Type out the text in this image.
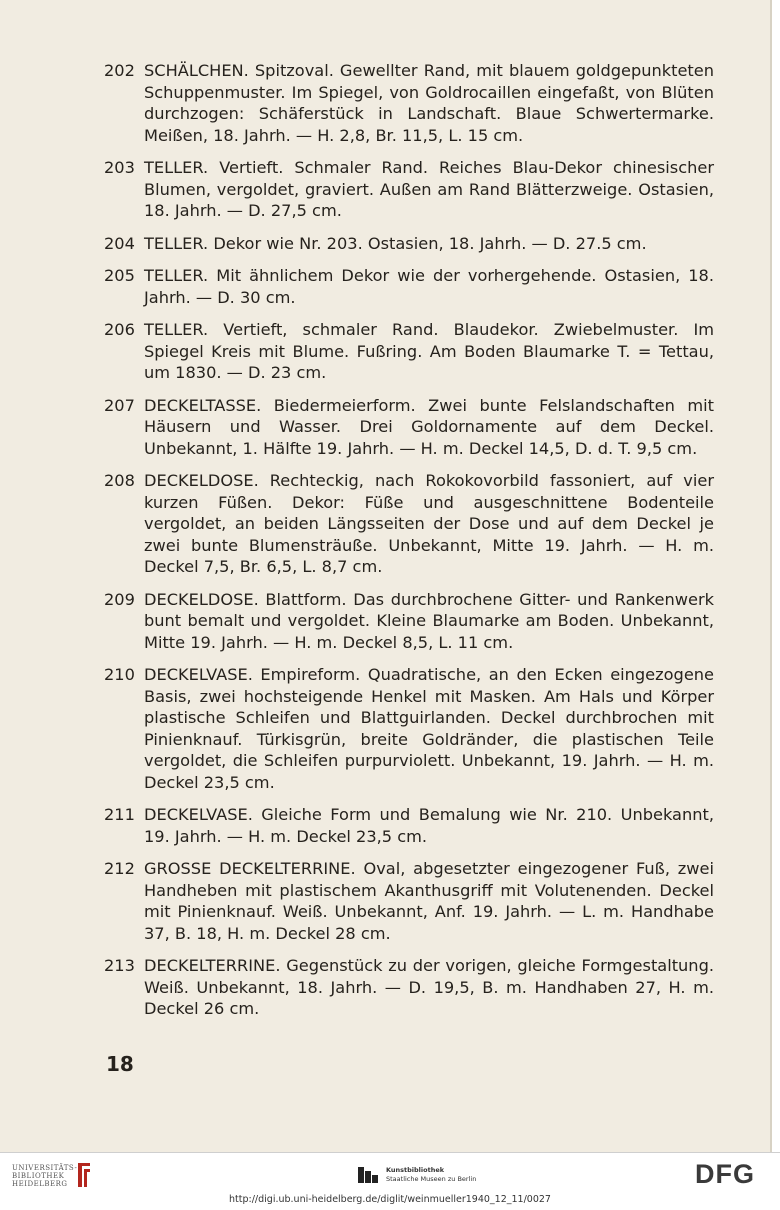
202 SCHÄLCHEN. Spitzoval. Gewellter Rand, mit blauem goldgepunkteten Schuppenmuster. Im Spiegel, von Goldrocaillen eingefaßt, von Blüten durchzogen: Schäferstück in Landschaft. Blaue Schwertermarke. Meißen, 18. Jahrh. — H. 2,8, Br. 11,5, L. 15 cm.
203 TELLER. Vertieft. Schmaler Rand. Reiches Blau-Dekor chinesischer Blumen, vergoldet, graviert. Außen am Rand Blätterzweige. Ostasien, 18. Jahrh. — D. 27,5 cm.
204 TELLER. Dekor wie Nr. 203. Ostasien, 18. Jahrh. — D. 27.5 cm.
205 TELLER. Mit ähnlichem Dekor wie der vorhergehende. Ostasien, 18. Jahrh. — D. 30 cm.
206 TELLER. Vertieft, schmaler Rand. Blaudekor. Zwiebelmuster. Im Spiegel Kreis mit Blume. Fußring. Am Boden Blaumarke T. = Tettau, um 1830. — D. 23 cm.
207 DECKELTASSE. Biedermeierform. Zwei bunte Felslandschaften mit Häusern und Wasser. Drei Goldornamente auf dem Deckel. Unbekannt, 1. Hälfte 19. Jahrh. — H. m. Deckel 14,5, D. d. T. 9,5 cm.
208 DECKELDOSE. Rechteckig, nach Rokokovorbild fassoniert, auf vier kurzen Füßen. Dekor: Füße und ausgeschnittene Bodenteile vergoldet, an beiden Längsseiten der Dose und auf dem Deckel je zwei bunte Blumensträuße. Unbekannt, Mitte 19. Jahrh. — H. m. Deckel 7,5, Br. 6,5, L. 8,7 cm.
209 DECKELDOSE. Blattform. Das durchbrochene Gitter- und Rankenwerk bunt bemalt und vergoldet. Kleine Blaumarke am Boden. Unbekannt, Mitte 19. Jahrh. — H. m. Deckel 8,5, L. 11 cm.
210 DECKELVASE. Empireform. Quadratische, an den Ecken eingezogene Basis, zwei hochsteigende Henkel mit Masken. Am Hals und Körper plastische Schleifen und Blattguirlanden. Deckel durchbrochen mit Pinienknauf. Türkisgrün, breite Goldränder, die plastischen Teile vergoldet, die Schleifen purpurviolett. Unbekannt, 19. Jahrh. — H. m. Deckel 23,5 cm.
211 DECKELVASE. Gleiche Form und Bemalung wie Nr. 210. Unbekannt, 19. Jahrh. — H. m. Deckel 23,5 cm.
212 GROSSE DECKELTERRINE. Oval, abgesetzter eingezogener Fuß, zwei Handheben mit plastischem Akanthusgriff mit Volutenenden. Deckel mit Pinienknauf. Weiß. Unbekannt, Anf. 19. Jahrh. — L. m. Handhabe 37, B. 18, H. m. Deckel 28 cm.
213 DECKELTERRINE. Gegenstück zu der vorigen, gleiche Formgestaltung. Weiß. Unbekannt, 18. Jahrh. — D. 19,5, B. m. Handhaben 27, H. m. Deckel 26 cm.
18
UNIVERSITÄTS-
BIBLIOTHEK
HEIDELBERG
Kunstbibliothek
Staatliche Museen zu Berlin	DFG
http://digi.ub.uni-heidelberg.de/diglit/weinmueller1940_12_11/0027
